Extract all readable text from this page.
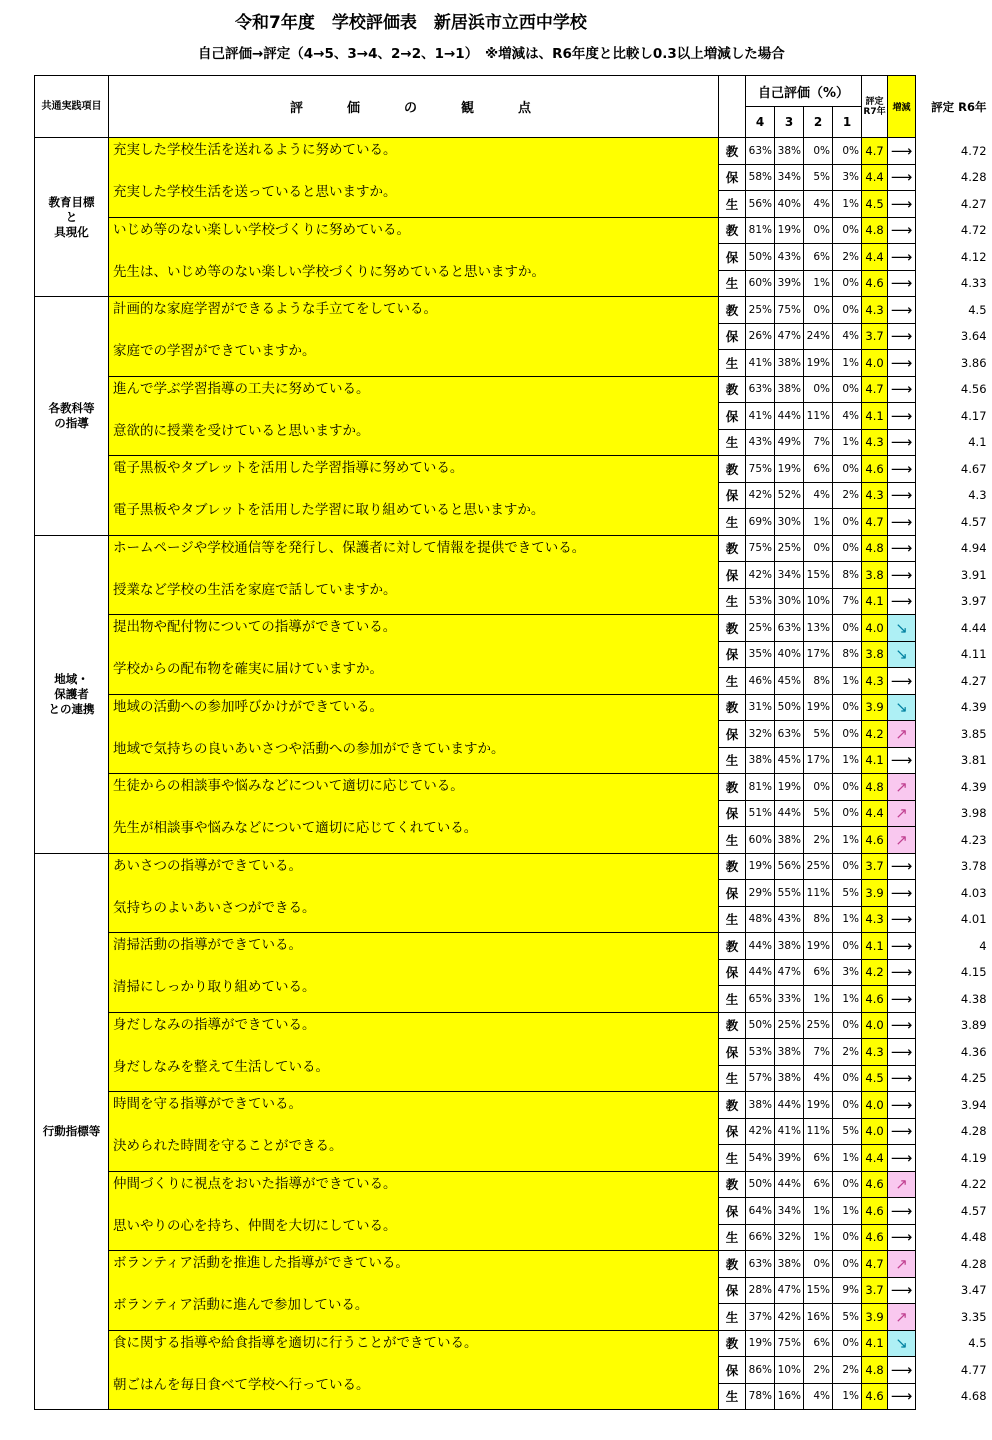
令和7年度　学校評価表　新居浜市立西中学校
自己評価→評定（4→5、3→4、2→2、1→1）　※増減は、R6年度と比較し0.3以上増減した場合
共通実践項目	評　　価　　の　　観　　点		自己評価（%）				評定 R7年	増減	評定 R6年
			4	3	2	1			
教育目標
と
具現化	充実した学校生活を送れるように努めている。	教	63%	38%	0%	0%	4.7	⟶	4.72
	充実した学校生活を送っていると思いますか。	保	58%	34%	5%	3%	4.4	⟶	4.28
		生	56%	40%	4%	1%	4.5	⟶	4.27
	いじめ等のない楽しい学校づくりに努めている。	教	81%	19%	0%	0%	4.8	⟶	4.72
	先生は、いじめ等のない楽しい学校づくりに努めていると思いますか。	保	50%	43%	6%	2%	4.4	⟶	4.12
		生	60%	39%	1%	0%	4.6	⟶	4.33
各教科等
の指導	計画的な家庭学習ができるような手立てをしている。	教	25%	75%	0%	0%	4.3	⟶	4.5
	家庭での学習ができていますか。	保	26%	47%	24%	4%	3.7	⟶	3.64
		生	41%	38%	19%	1%	4.0	⟶	3.86
	進んで学ぶ学習指導の工夫に努めている。	教	63%	38%	0%	0%	4.7	⟶	4.56
	意欲的に授業を受けていると思いますか。	保	41%	44%	11%	4%	4.1	⟶	4.17
		生	43%	49%	7%	1%	4.3	⟶	4.1
	電子黒板やタブレットを活用した学習指導に努めている。	教	75%	19%	6%	0%	4.6	⟶	4.67
	電子黒板やタブレットを活用した学習に取り組めていると思いますか。	保	42%	52%	4%	2%	4.3	⟶	4.3
		生	69%	30%	1%	0%	4.7	⟶	4.57
地域・
保護者
との連携	ホームページや学校通信等を発行し、保護者に対して情報を提供できている。	教	75%	25%	0%	0%	4.8	⟶	4.94
	授業など学校の生活を家庭で話していますか。	保	42%	34%	15%	8%	3.8	⟶	3.91
		生	53%	30%	10%	7%	4.1	⟶	3.97
	提出物や配付物についての指導ができている。	教	25%	63%	13%	0%	4.0	↘	4.44
	学校からの配布物を確実に届けていますか。	保	35%	40%	17%	8%	3.8	↘	4.11
		生	46%	45%	8%	1%	4.3	⟶	4.27
	地域の活動への参加呼びかけができている。	教	31%	50%	19%	0%	3.9	↘	4.39
	地域で気持ちの良いあいさつや活動への参加ができていますか。	保	32%	63%	5%	0%	4.2	↗	3.85
		生	38%	45%	17%	1%	4.1	⟶	3.81
	生徒からの相談事や悩みなどについて適切に応じている。	教	81%	19%	0%	0%	4.8	↗	4.39
	先生が相談事や悩みなどについて適切に応じてくれている。	保	51%	44%	5%	0%	4.4	↗	3.98
		生	60%	38%	2%	1%	4.6	↗	4.23
行動指標等	あいさつの指導ができている。	教	19%	56%	25%	0%	3.7	⟶	3.78
	気持ちのよいあいさつができる。	保	29%	55%	11%	5%	3.9	⟶	4.03
		生	48%	43%	8%	1%	4.3	⟶	4.01
	清掃活動の指導ができている。	教	44%	38%	19%	0%	4.1	⟶	4
	清掃にしっかり取り組めている。	保	44%	47%	6%	3%	4.2	⟶	4.15
		生	65%	33%	1%	1%	4.6	⟶	4.38
	身だしなみの指導ができている。	教	50%	25%	25%	0%	4.0	⟶	3.89
	身だしなみを整えて生活している。	保	53%	38%	7%	2%	4.3	⟶	4.36
		生	57%	38%	4%	0%	4.5	⟶	4.25
	時間を守る指導ができている。	教	38%	44%	19%	0%	4.0	⟶	3.94
	決められた時間を守ることができる。	保	42%	41%	11%	5%	4.0	⟶	4.28
		生	54%	39%	6%	1%	4.4	⟶	4.19
	仲間づくりに視点をおいた指導ができている。	教	50%	44%	6%	0%	4.6	↗	4.22
	思いやりの心を持ち、仲間を大切にしている。	保	64%	34%	1%	1%	4.6	⟶	4.57
		生	66%	32%	1%	0%	4.6	⟶	4.48
	ボランティア活動を推進した指導ができている。	教	63%	38%	0%	0%	4.7	↗	4.28
	ボランティア活動に進んで参加している。	保	28%	47%	15%	9%	3.7	⟶	3.47
		生	37%	42%	16%	5%	3.9	↗	3.35
	食に関する指導や給食指導を適切に行うことができている。	教	19%	75%	6%	0%	4.1	↘	4.5
	朝ごはんを毎日食べて学校へ行っている。	保	86%	10%	2%	2%	4.8	⟶	4.77
		生	78%	16%	4%	1%	4.6	⟶	4.68
